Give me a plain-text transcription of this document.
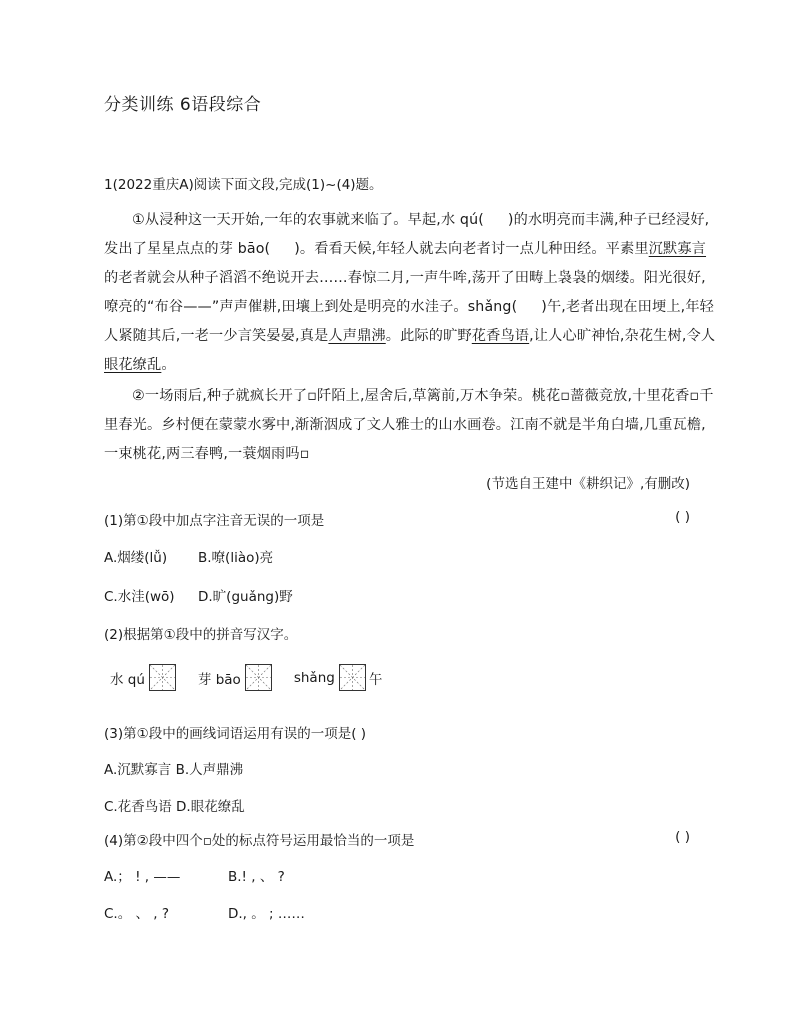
分类训练 6语段综合
1(2022重庆A)阅读下面文段,完成(1)~(4)题。
①从浸种这一天开始,一年的农事就来临了。早起,水 qú( )的水明亮而丰满,种子已经浸好,
发出了星星点点的芽 bāo( )。看看天候,年轻人就去向老者讨一点儿种田经。平素里沉默寡言
的老者就会从种子滔滔不绝说开去……春惊二月,一声牛哞,荡开了田畴上袅袅的烟缕。阳光很好,
嘹亮的“布谷——”声声催耕,田壤上到处是明亮的水洼子。shǎng( )午,老者出现在田埂上,年轻
人紧随其后,一老一少言笑晏晏,真是人声鼎沸。此际的旷野花香鸟语,让人心旷神怡,杂花生树,令人
眼花缭乱。
②一场雨后,种子就疯长开了▫阡陌上,屋舍后,草篱前,万木争荣。桃花▫蔷薇竞放,十里花香▫千
里春光。乡村便在蒙蒙水雾中,渐渐洇成了文人雅士的山水画卷。江南不就是半角白墙,几重瓦檐,
一束桃花,两三春鸭,一蓑烟雨吗▫
(节选自王建中《耕织记》,有删改)
(1)第①段中加点字注音无误的一项是	( )
A.烟缕(lǚ) B.嘹(liào)亮
C.水洼(wō) D.旷(guǎng)野
(2)根据第①段中的拼音写汉字。
水 qú	芽 bāo	shǎng	午
(3)第①段中的画线词语运用有误的一项是( )
A.沉默寡言 B.人声鼎沸
C.花香鸟语 D.眼花缭乱
(4)第②段中四个▫处的标点符号运用最恰当的一项是	( )
A.； ! , ——	B.! , 、 ?
C.。 、 , ?	D., 。 ; ……
